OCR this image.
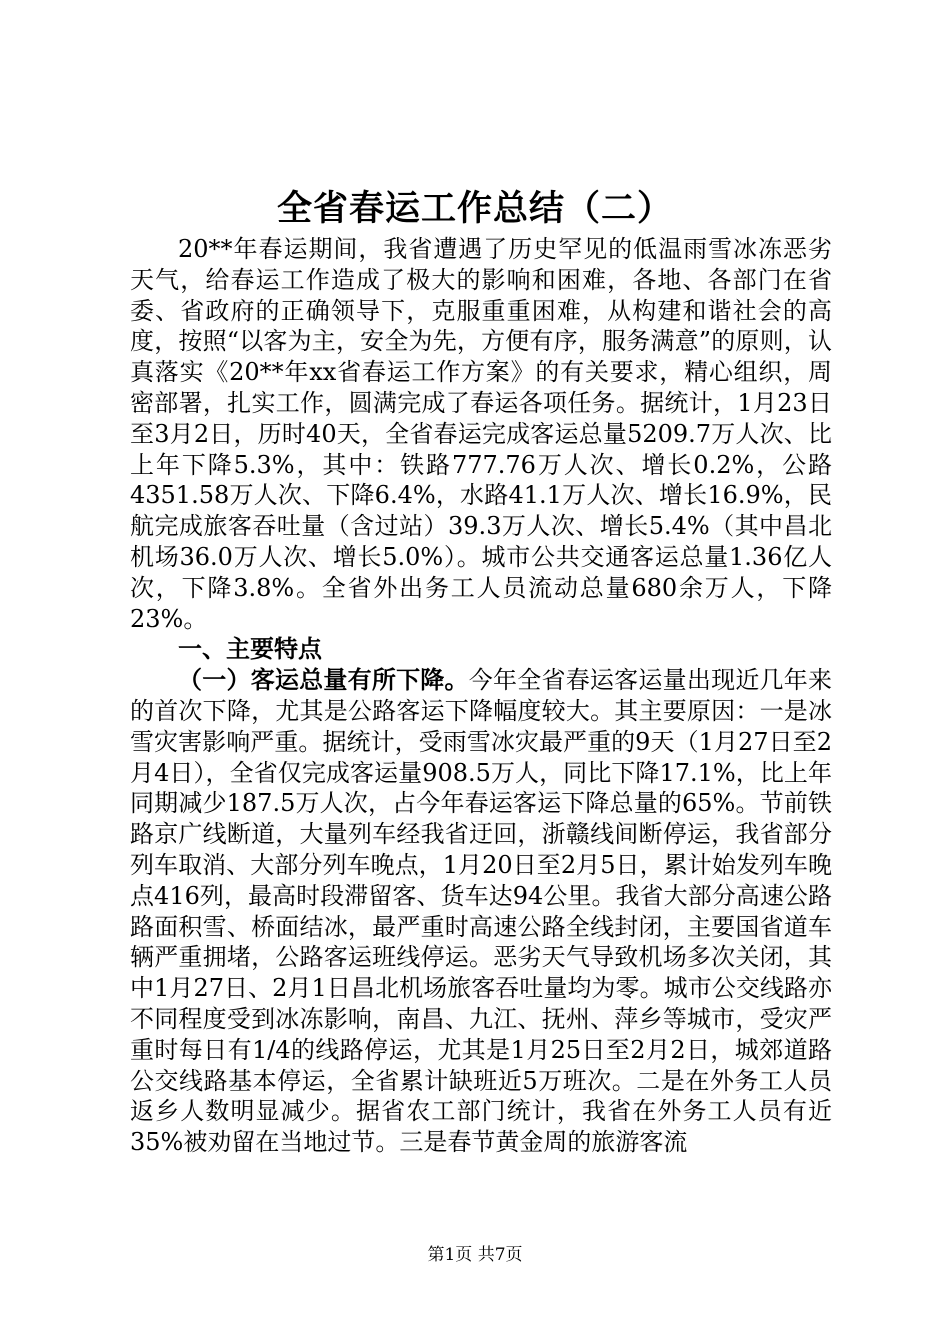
全省春运工作总结（二）

20**年春运期间，我省遭遇了历史罕见的低温雨雪冰冻恶劣天气，给春运工作造成了极大的影响和困难，各地、各部门在省委、省政府的正确领导下，克服重重困难，从构建和谐社会的高度，按照“以客为主，安全为先，方便有序，服务满意”的原则，认真落实《20**年xx省春运工作方案》的有关要求，精心组织，周密部署，扎实工作，圆满完成了春运各项任务。据统计，1月23日至3月2日，历时40天，全省春运完成客运总量5209.7万人次、比上年下降5.3%，其中：铁路777.76万人次、增长0.2%，公路4351.58万人次、下降6.4%，水路41.1万人次、增长16.9%，民航完成旅客吞吐量（含过站）39.3万人次、增长5.4%（其中昌北机场36.0万人次、增长5.0%）。城市公共交通客运总量1.36亿人次，下降3.8%。全省外出务工人员流动总量680余万人，下降23%。

一、主要特点

（一）客运总量有所下降。今年全省春运客运量出现近几年来的首次下降，尤其是公路客运下降幅度较大。其主要原因：一是冰雪灾害影响严重。据统计，受雨雪冰灾最严重的9天（1月27日至2月4日），全省仅完成客运量908.5万人，同比下降17.1%，比上年同期减少187.5万人次，占今年春运客运下降总量的65%。节前铁路京广线断道，大量列车经我省迂回，浙赣线间断停运，我省部分列车取消、大部分列车晚点，1月20日至2月5日，累计始发列车晚点416列，最高时段滞留客、货车达94公里。我省大部分高速公路路面积雪、桥面结冰，最严重时高速公路全线封闭，主要国省道车辆严重拥堵，公路客运班线停运。恶劣天气导致机场多次关闭，其中1月27日、2月1日昌北机场旅客吞吐量均为零。城市公交线路亦不同程度受到冰冻影响，南昌、九江、抚州、萍乡等城市，受灾严重时每日有1/4的线路停运，尤其是1月25日至2月2日，城郊道路公交线路基本停运，全省累计缺班近5万班次。二是在外务工人员返乡人数明显减少。据省农工部门统计，我省在外务工人员有近35%被劝留在当地过节。三是春节黄金周的旅游客流

第1页 共7页
